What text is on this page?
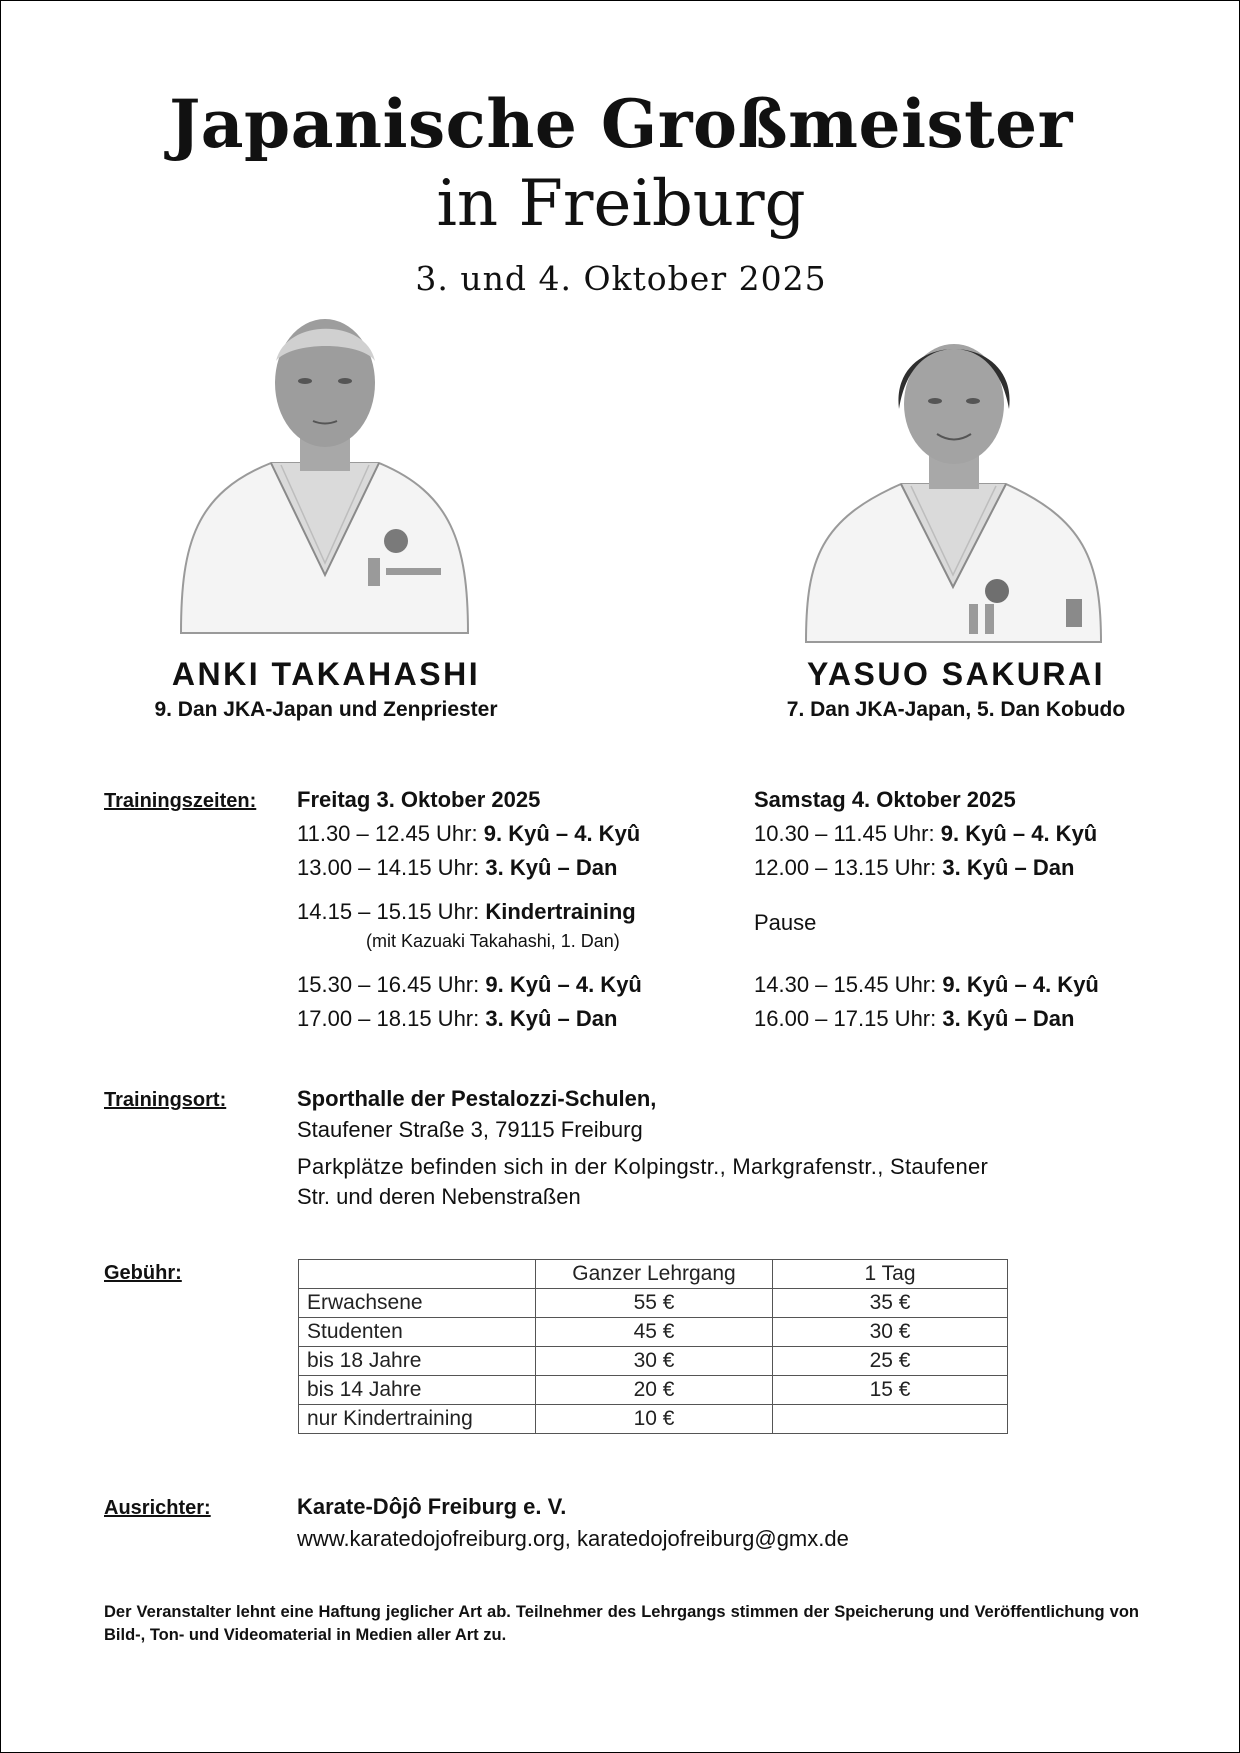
Japanische Großmeister
in Freiburg
3. und 4. Oktober 2025
ANKI TAKAHASHI
9. Dan JKA-Japan und Zenpriester
YASUO SAKURAI
7. Dan JKA-Japan, 5. Dan Kobudo
Trainingszeiten: Freitag 3. Oktober 2025
11.30 – 12.45 Uhr: 9. Kyû – 4. Kyû
13.00 – 14.15 Uhr: 3. Kyû – Dan
14.15 – 15.15 Uhr: Kindertraining
(mit Kazuaki Takahashi, 1. Dan)
15.30 – 16.45 Uhr: 9. Kyû – 4. Kyû
17.00 – 18.15 Uhr: 3. Kyû – Dan
Samstag 4. Oktober 2025
10.30 – 11.45 Uhr: 9. Kyû – 4. Kyû
12.00 – 13.15 Uhr: 3. Kyû – Dan
Pause
14.30 – 15.45 Uhr: 9. Kyû – 4. Kyû
16.00 – 17.15 Uhr: 3. Kyû – Dan
Trainingsort:	Sporthalle der Pestalozzi-Schulen,
Staufener Straße 3, 79115 Freiburg
Parkplätze befinden sich in der Kolpingstr., Markgrafenstr., Staufener
Str. und deren Nebenstraßen
Gebühr:
		Ganzer Lehrgang	1 Tag
Erwachsene	55 €	35 €
Studenten	45 €	30 €
bis 18 Jahre	30 €	25 €
bis 14 Jahre	20 €	15 €
nur Kindertraining	10 €	
Ausrichter:	Karate-Dôjô Freiburg e. V.
www.karatedojofreiburg.org, karatedojofreiburg@gmx.de
Der Veranstalter lehnt eine Haftung jeglicher Art ab. Teilnehmer des Lehrgangs stimmen der Speicherung und Veröffentlichung von Bild-, Ton- und Videomaterial in Medien aller Art zu.
